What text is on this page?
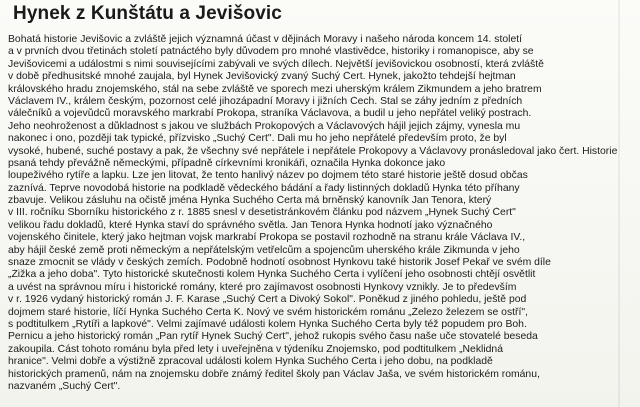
Hynek z Kunštátu a Jevišovic
Bohatá historie Jevišovic a zvláště jejich významná účast v dějinách Moravy i našeho národa koncem 14. století
a v prvních dvou třetinách století patnáctého byly důvodem pro mnohé vlastivědce, historiky i romanopisce, aby se
Jevišovicemi a událostmi s nimi souvisejícími zabývali ve svých dílech. Největší jevišovickou osobností, která zvláště
v době předhusitské mnohé zaujala, byl Hynek Jevišovický zvaný Suchý Čert. Hynek, jakožto tehdejší hejtman
královského hradu znojemského, stál na sebe zvláště ve sporech mezi uherským králem Zikmundem a jeho bratrem
Václavem IV., králem českým, pozornost celé jihozápadní Moravy i jižních Čech. Stal se záhy jedním z předních
válečníků a vojevůdců moravského markrabí Prokopa, straníka Václavova, a budil u jeho nepřátel veliký postrach.
Jeho neohroženost a důkladnost s jakou ve službách Prokopových a Václavových hájil jejich zájmy, vynesla mu
nakonec i ono, později tak typické, přízvisko „Suchý Čert". Dali mu ho jeho nepřátelé především proto, že byl
vysoké, hubené, suché postavy a pak, že všechny své nepřátele i nepřátele Prokopovy a Václavovy pronásledoval jako čert. Historie psaná tehdy převážně německými, případně církevními kronikáři, označila Hynka dokonce jako
loupeživého rytíře a lapku. Lze jen litovat, že tento hanlivý název po dojmem této staré historie ještě dosud občas
zaznívá. Teprve novodobá historie na podkladě vědeckého bádání a řady listinných dokladů Hynka této příhany
zbavuje. Velikou zásluhu na očistě jména Hynka Suchého Čerta má brněnský kanovník Jan Tenora, který
v III. ročníku Sborníku historického z r. 1885 snesl v desetistránkovém článku pod názvem „Hynek Suchý Čert"
velikou řadu dokladů, které Hynka staví do správného světla. Jan Tenora Hynka hodnotí jako význačného
vojenského činitele, který jako hejtman vojsk markrabí Prokopa se postavil rozhodně na stranu krále Václava IV.,
aby hájil české země proti německým a nepřátelským vetřelcům a spojencům uherského krále Zikmunda v jeho
snaze zmocnit se vlády v českých zemích. Podobně hodnotí osobnost Hynkovu také historik Josef Pekař ve svém díle
„Žižka a jeho doba". Tyto historické skutečnosti kolem Hynka Suchého Čerta i vylíčení jeho osobnosti chtějí osvětlit
a uvést na správnou míru i historické romány, které pro zajímavost osobnosti Hynkovy vznikly. Je to především
v r. 1926 vydaný historický román J. F. Karase „Suchý Čert a Divoký Sokol". Poněkud z jiného pohledu, ještě pod
dojmem staré historie, líčí Hynka Suchého Čerta K. Nový ve svém historickém románu „Železo železem se ostří",
s podtitulkem „Rytíři a lapkové". Velmi zajímavé události kolem Hynka Suchého Čerta byly též popudem pro Boh.
Pernicu a jeho historický román „Pan rytíř Hynek Suchý Čert", jehož rukopis svého času naše uče stovatelé beseda
zakoupila. Část tohoto románu byla před lety i uveřejněna v týdeníku Znojemsko, pod podtitulkem „Neklidná
hranice". Velmi dobře a výstižně zpracoval události kolem Hynka Suchého Čerta i jeho dobu, na podkladě
historických pramenů, nám na znojemsku dobře známý ředitel školy pan Václav Jaša, ve svém historickém románu,
nazvaném „Suchý Čert".
